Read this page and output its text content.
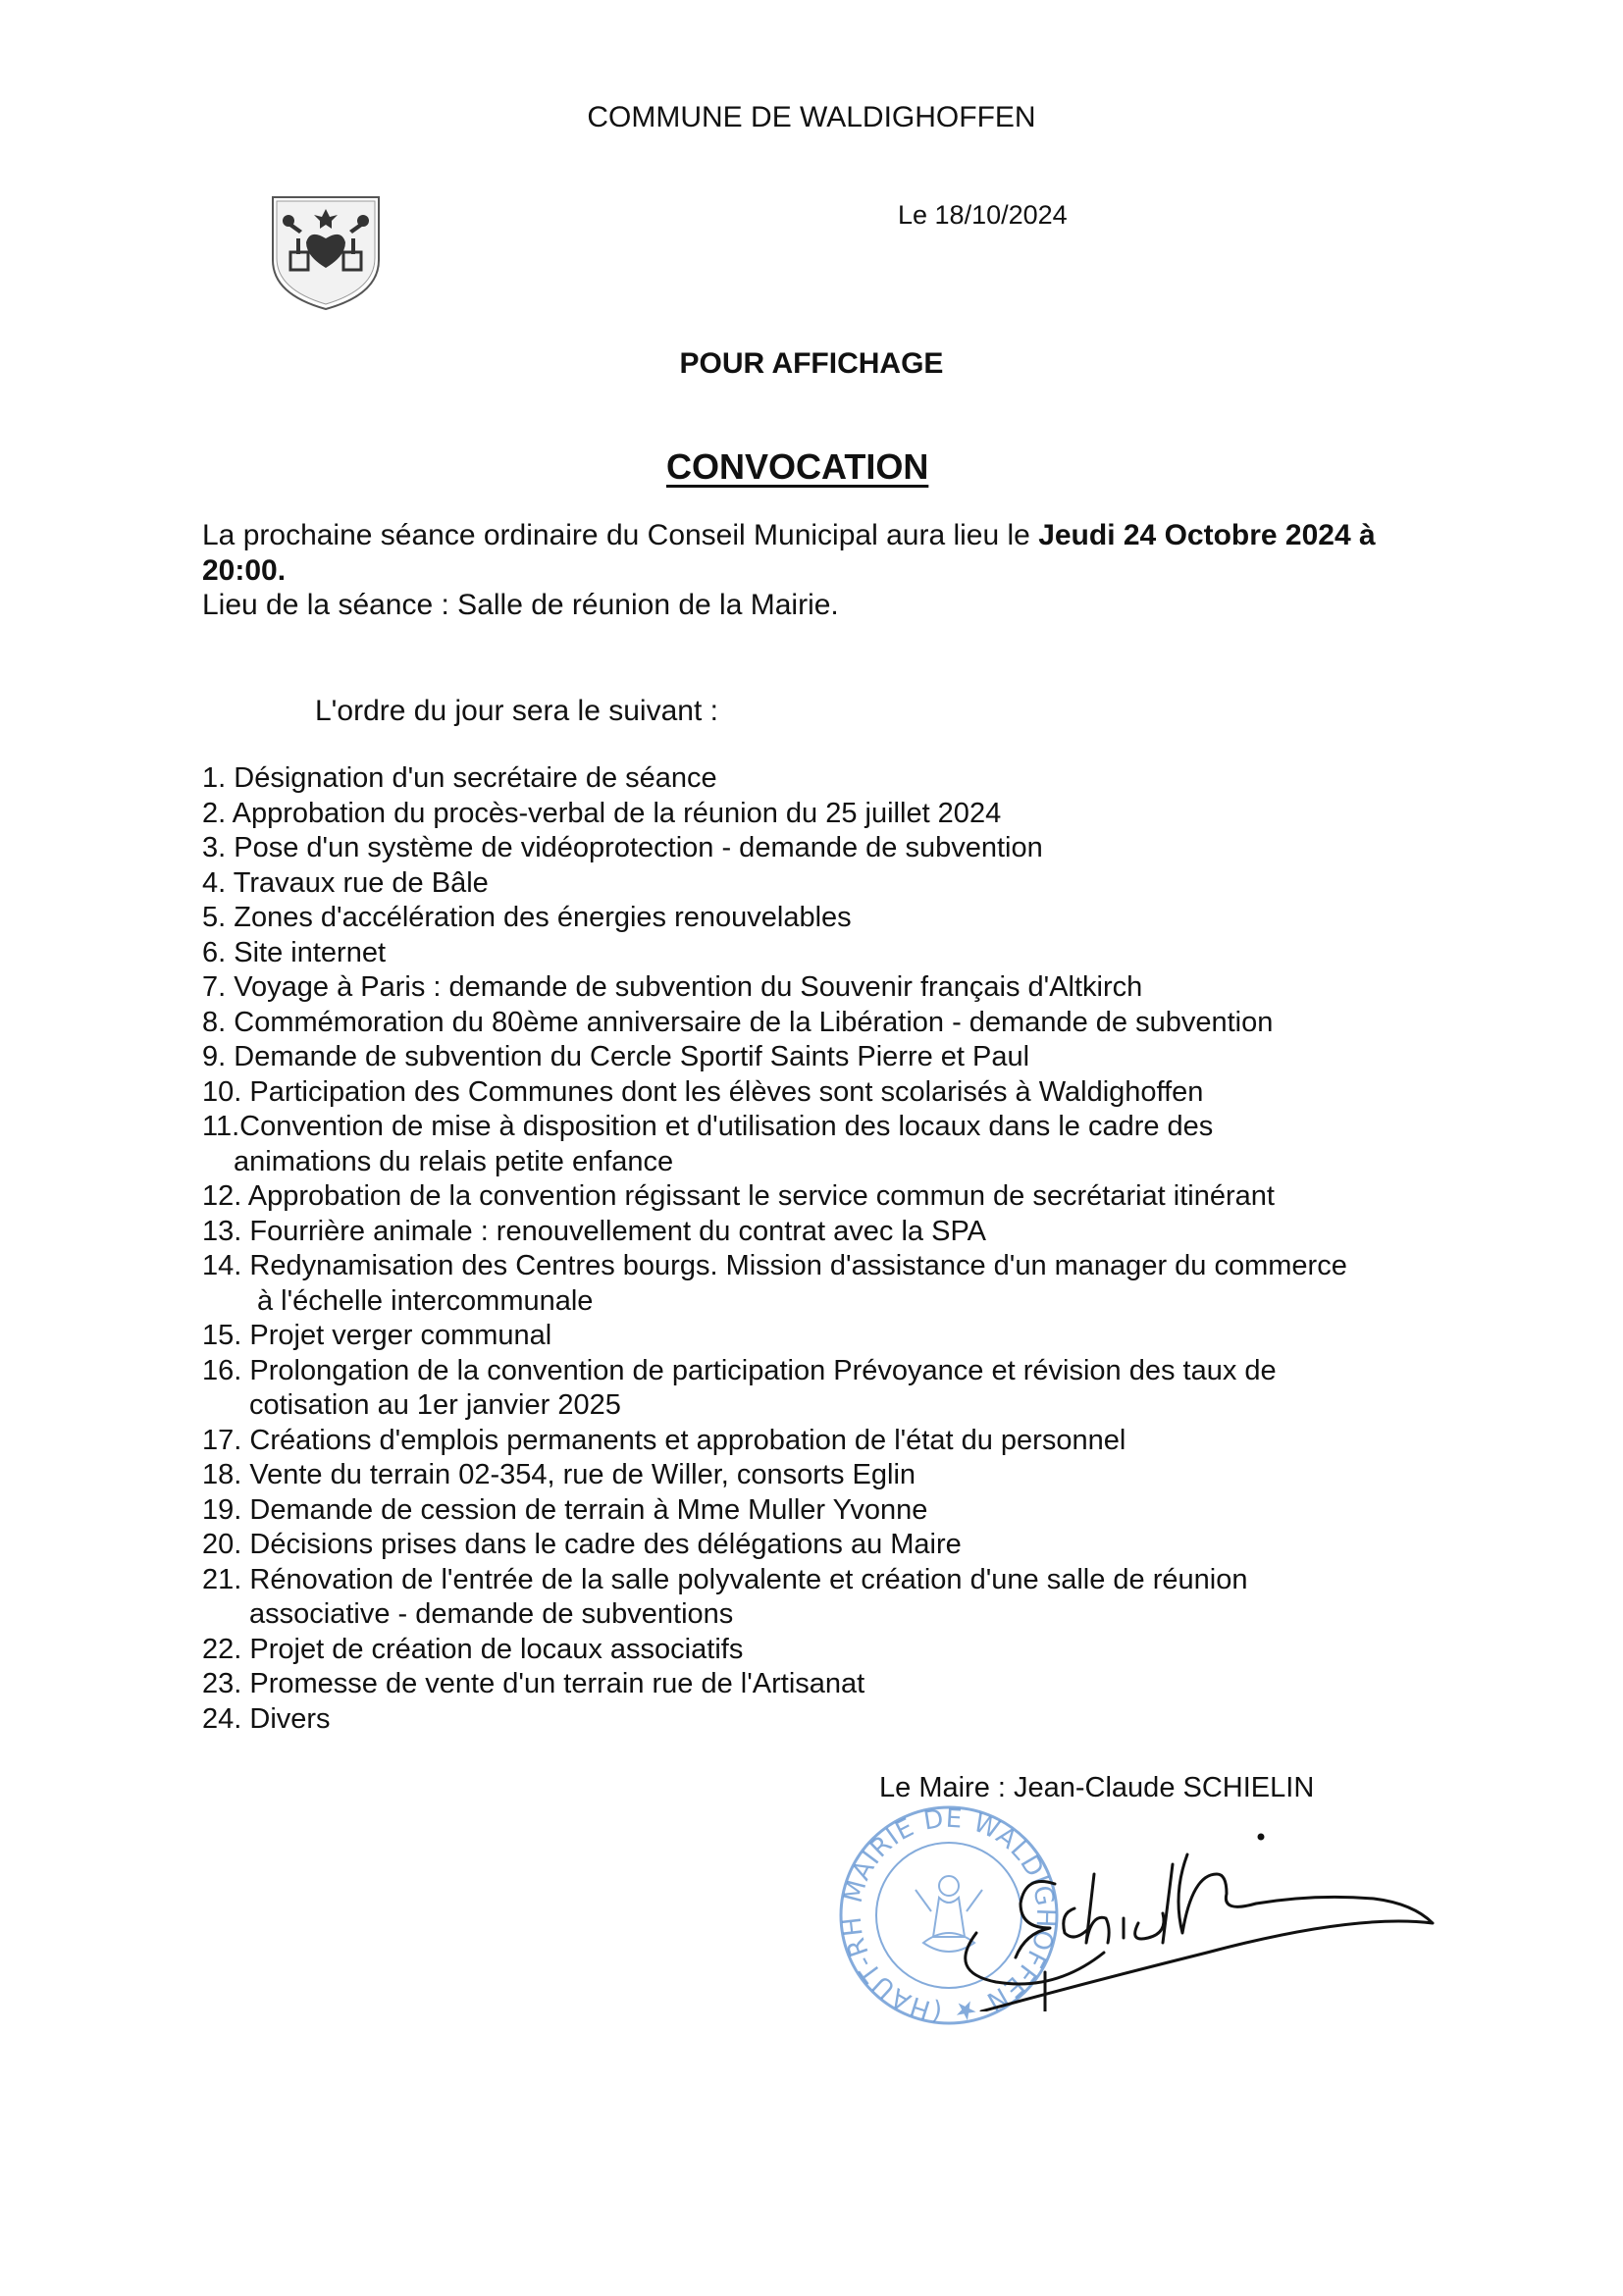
COMMUNE DE WALDIGHOFFEN
Le 18/10/2024
POUR AFFICHAGE
CONVOCATION
La prochaine séance ordinaire du Conseil Municipal aura lieu le Jeudi 24 Octobre 2024 à 20:00.
Lieu de la séance : Salle de réunion de la Mairie.
L'ordre du jour sera le suivant :
1. Désignation d'un secrétaire de séance
2. Approbation du procès-verbal de la réunion du 25 juillet 2024
3. Pose d'un système de vidéoprotection - demande de subvention
4. Travaux rue de Bâle
5. Zones d'accélération des énergies renouvelables
6. Site internet
7. Voyage à Paris : demande de subvention du Souvenir français d'Altkirch
8. Commémoration du 80ème anniversaire de la Libération - demande de subvention
9. Demande de subvention du Cercle Sportif Saints Pierre et Paul
10. Participation des Communes dont les élèves sont scolarisés à Waldighoffen
11.Convention de mise à disposition et d'utilisation des locaux dans le cadre des
animations du relais petite enfance
12. Approbation de la convention régissant le service commun de secrétariat itinérant
13. Fourrière animale : renouvellement du contrat avec la SPA
14. Redynamisation des Centres bourgs. Mission d'assistance d'un manager du commerce
à l'échelle intercommunale
15. Projet verger communal
16. Prolongation de la convention de participation Prévoyance et révision des taux de
cotisation au 1er janvier 2025
17. Créations d'emplois permanents et approbation de l'état du personnel
18. Vente du terrain 02-354, rue de Willer, consorts Eglin
19. Demande de cession de terrain à Mme Muller Yvonne
20. Décisions prises dans le cadre des délégations au Maire
21. Rénovation de l'entrée de la salle polyvalente et création d'une salle de réunion
associative - demande de subventions
22. Projet de création de locaux associatifs
23. Promesse de vente d'un terrain rue de l'Artisanat
24. Divers
Le Maire : Jean-Claude SCHIELIN
MAIRIE DE WALDIGHOFFEN ★ (HAUT-RH
